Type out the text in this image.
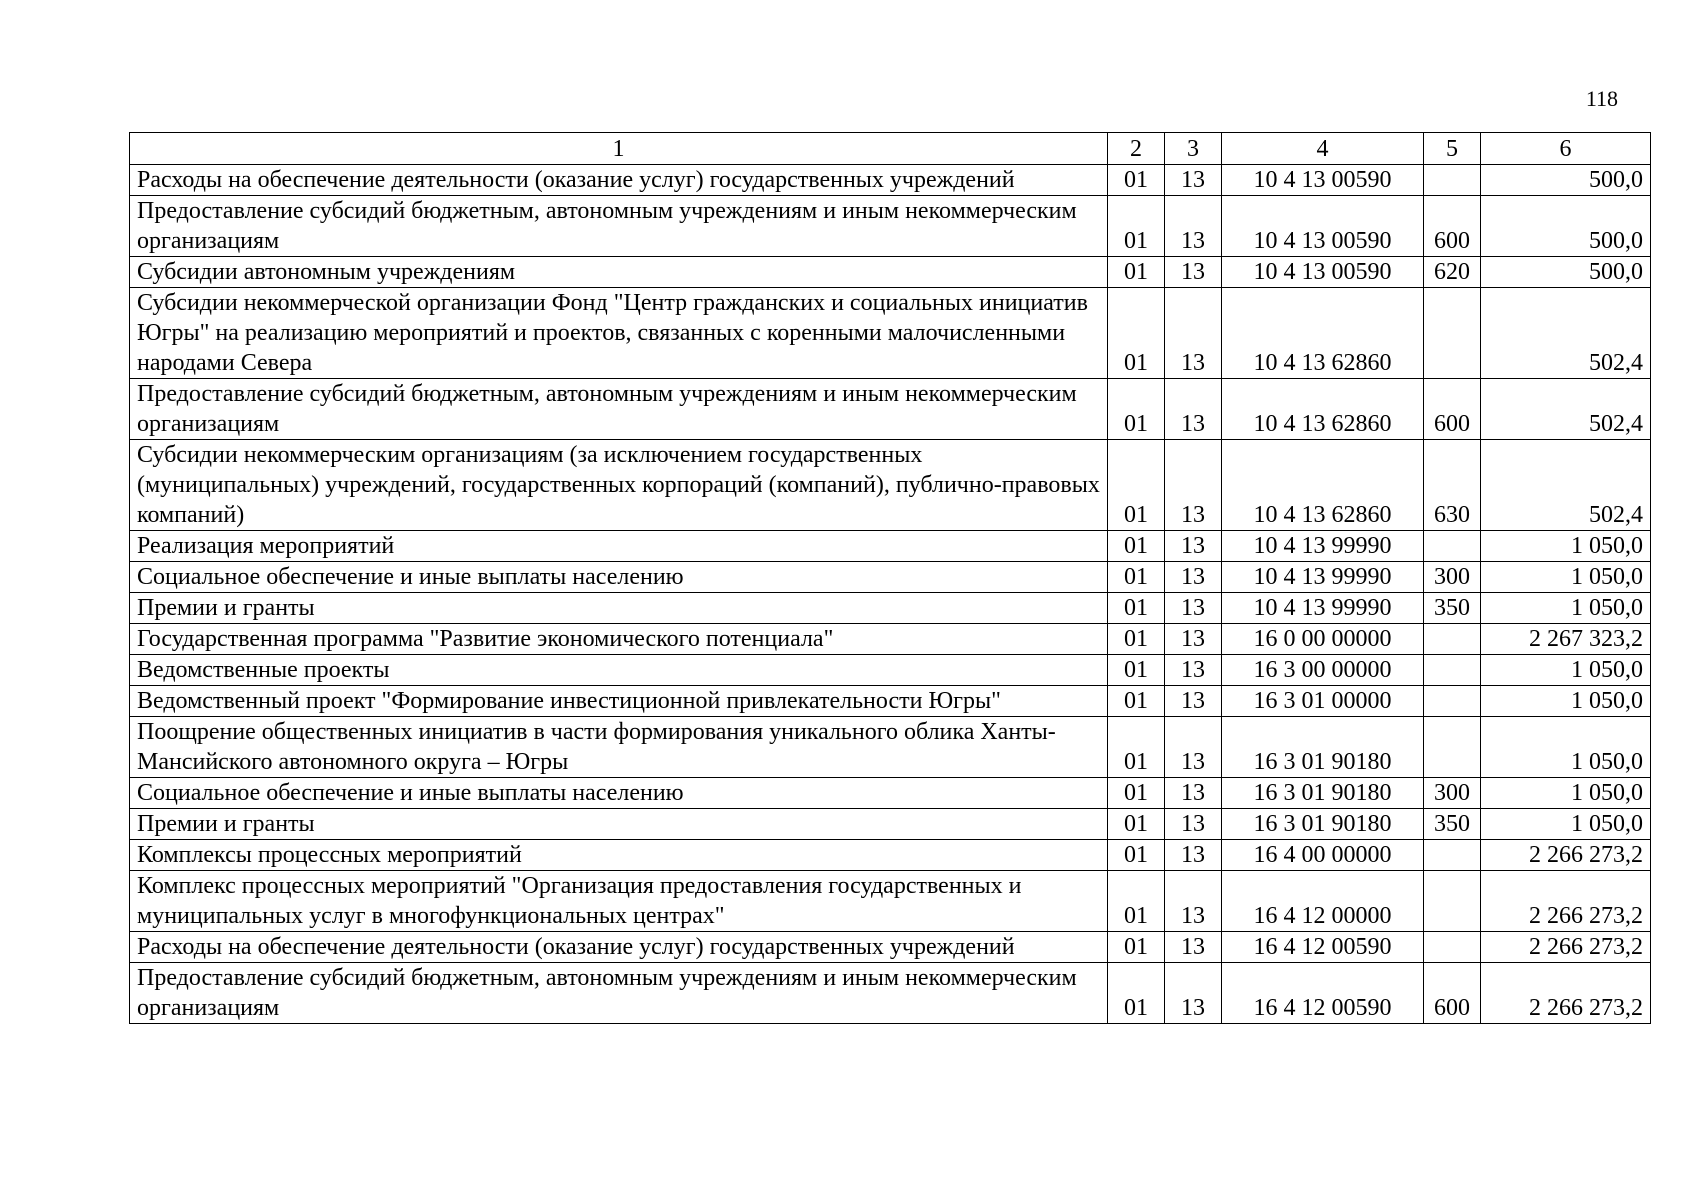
118
1	2	3	4	5	6
Расходы на обеспечение деятельности (оказание услуг) государственных учреждений	01	13	10 4 13 00590		500,0
Предоставление субсидий бюджетным, автономным учреждениям и иным некоммерческим организациям	01	13	10 4 13 00590	600	500,0
Субсидии автономным учреждениям	01	13	10 4 13 00590	620	500,0
Субсидии некоммерческой организации Фонд "Центр гражданских и социальных инициатив Югры" на реализацию мероприятий и проектов, связанных с коренными малочисленными народами Севера	01	13	10 4 13 62860		502,4
Предоставление субсидий бюджетным, автономным учреждениям и иным некоммерческим организациям	01	13	10 4 13 62860	600	502,4
Субсидии некоммерческим организациям (за исключением государственных (муниципальных) учреждений, государственных корпораций (компаний), публично-правовых компаний)	01	13	10 4 13 62860	630	502,4
Реализация мероприятий	01	13	10 4 13 99990		1 050,0
Социальное обеспечение и иные выплаты населению	01	13	10 4 13 99990	300	1 050,0
Премии и гранты	01	13	10 4 13 99990	350	1 050,0
Государственная программа "Развитие экономического потенциала"	01	13	16 0 00 00000		2 267 323,2
Ведомственные проекты	01	13	16 3 00 00000		1 050,0
Ведомственный проект "Формирование инвестиционной привлекательности Югры"	01	13	16 3 01 00000		1 050,0
Поощрение общественных инициатив в части формирования уникального облика Ханты-Мансийского автономного округа – Югры	01	13	16 3 01 90180		1 050,0
Социальное обеспечение и иные выплаты населению	01	13	16 3 01 90180	300	1 050,0
Премии и гранты	01	13	16 3 01 90180	350	1 050,0
Комплексы процессных мероприятий	01	13	16 4 00 00000		2 266 273,2
Комплекс процессных мероприятий "Организация предоставления государственных и муниципальных услуг в многофункциональных центрах"	01	13	16 4 12 00000		2 266 273,2
Расходы на обеспечение деятельности (оказание услуг) государственных учреждений	01	13	16 4 12 00590		2 266 273,2
Предоставление субсидий бюджетным, автономным учреждениям и иным некоммерческим организациям	01	13	16 4 12 00590	600	2 266 273,2
